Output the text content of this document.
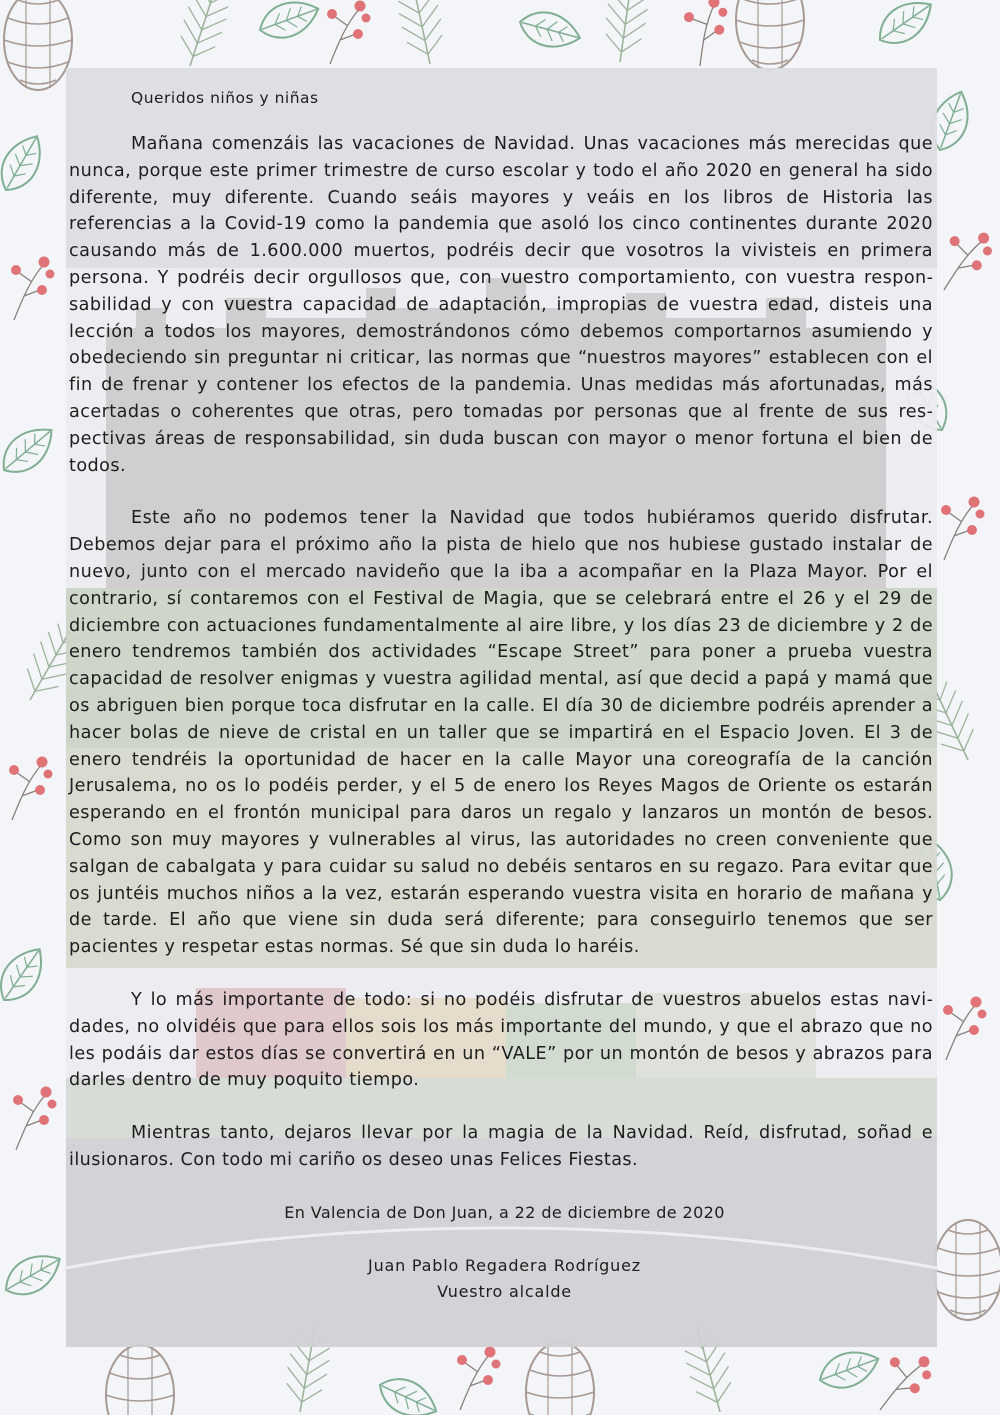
Queridos niños y niñas

Mañana comenzáis las vacaciones de Navidad. Unas vacaciones más merecidas que nunca, porque este primer trimestre de curso escolar y todo el año 2020 en general ha sido diferente, muy diferente. Cuando seáis mayores y veáis en los libros de Historia las referencias a la Covid-19 como la pandemia que asoló los cinco continentes durante 2020 causando más de 1.600.000 muertos, podréis decir que vosotros la vivisteis en primera persona. Y podréis decir orgullosos que, con vuestro comportamiento, con vuestra responsabilidad y con vuestra capacidad de adaptación, impropias de vuestra edad, disteis una lección a todos los mayores, demostrándonos cómo debemos comportarnos asumiendo y obedeciendo sin preguntar ni criticar, las normas que “nuestros mayores” establecen con el fin de frenar y contener los efectos de la pandemia. Unas medidas más afortunadas, más acertadas o coherentes que otras, pero tomadas por personas que al frente de sus respectivas áreas de responsabilidad, sin duda buscan con mayor o menor fortuna el bien de todos.

Este año no podemos tener la Navidad que todos hubiéramos querido disfrutar. Debemos dejar para el próximo año la pista de hielo que nos hubiese gustado instalar de nuevo, junto con el mercado navideño que la iba a acompañar en la Plaza Mayor. Por el contrario, sí contaremos con el Festival de Magia, que se celebrará entre el 26 y el 29 de diciembre con actuaciones fundamentalmente al aire libre, y los días 23 de diciembre y 2 de enero tendremos también dos actividades “Escape Street” para poner a prueba vuestra capacidad de resolver enigmas y vuestra agilidad mental, así que decid a papá y mamá que os abriguen bien porque toca disfrutar en la calle. El día 30 de diciembre podréis aprender a hacer bolas de nieve de cristal en un taller que se impartirá en el Espacio Joven. El 3 de enero tendréis la oportunidad de hacer en la calle Mayor una coreografía de la canción Jerusalema, no os lo podéis perder, y el 5 de enero los Reyes Magos de Oriente os estarán esperando en el frontón municipal para daros un regalo y lanzaros un montón de besos. Como son muy mayores y vulnerables al virus, las autoridades no creen conveniente que salgan de cabalgata y para cuidar su salud no debéis sentaros en su regazo. Para evitar que os juntéis muchos niños a la vez, estarán esperando vuestra visita en horario de mañana y de tarde. El año que viene sin duda será diferente; para conseguirlo tenemos que ser pacientes y respetar estas normas. Sé que sin duda lo haréis.

Y lo más importante de todo: si no podéis disfrutar de vuestros abuelos estas navidades, no olvidéis que para ellos sois los más importante del mundo, y que el abrazo que no les podáis dar estos días se convertirá en un “VALE” por un montón de besos y abrazos para darles dentro de muy poquito tiempo.

Mientras tanto, dejaros llevar por la magia de la Navidad. Reíd, disfrutad, soñad e ilusionaros. Con todo mi cariño os deseo unas Felices Fiestas.

En Valencia de Don Juan, a 22 de diciembre de 2020

Juan Pablo Regadera Rodríguez

Vuestro alcalde
